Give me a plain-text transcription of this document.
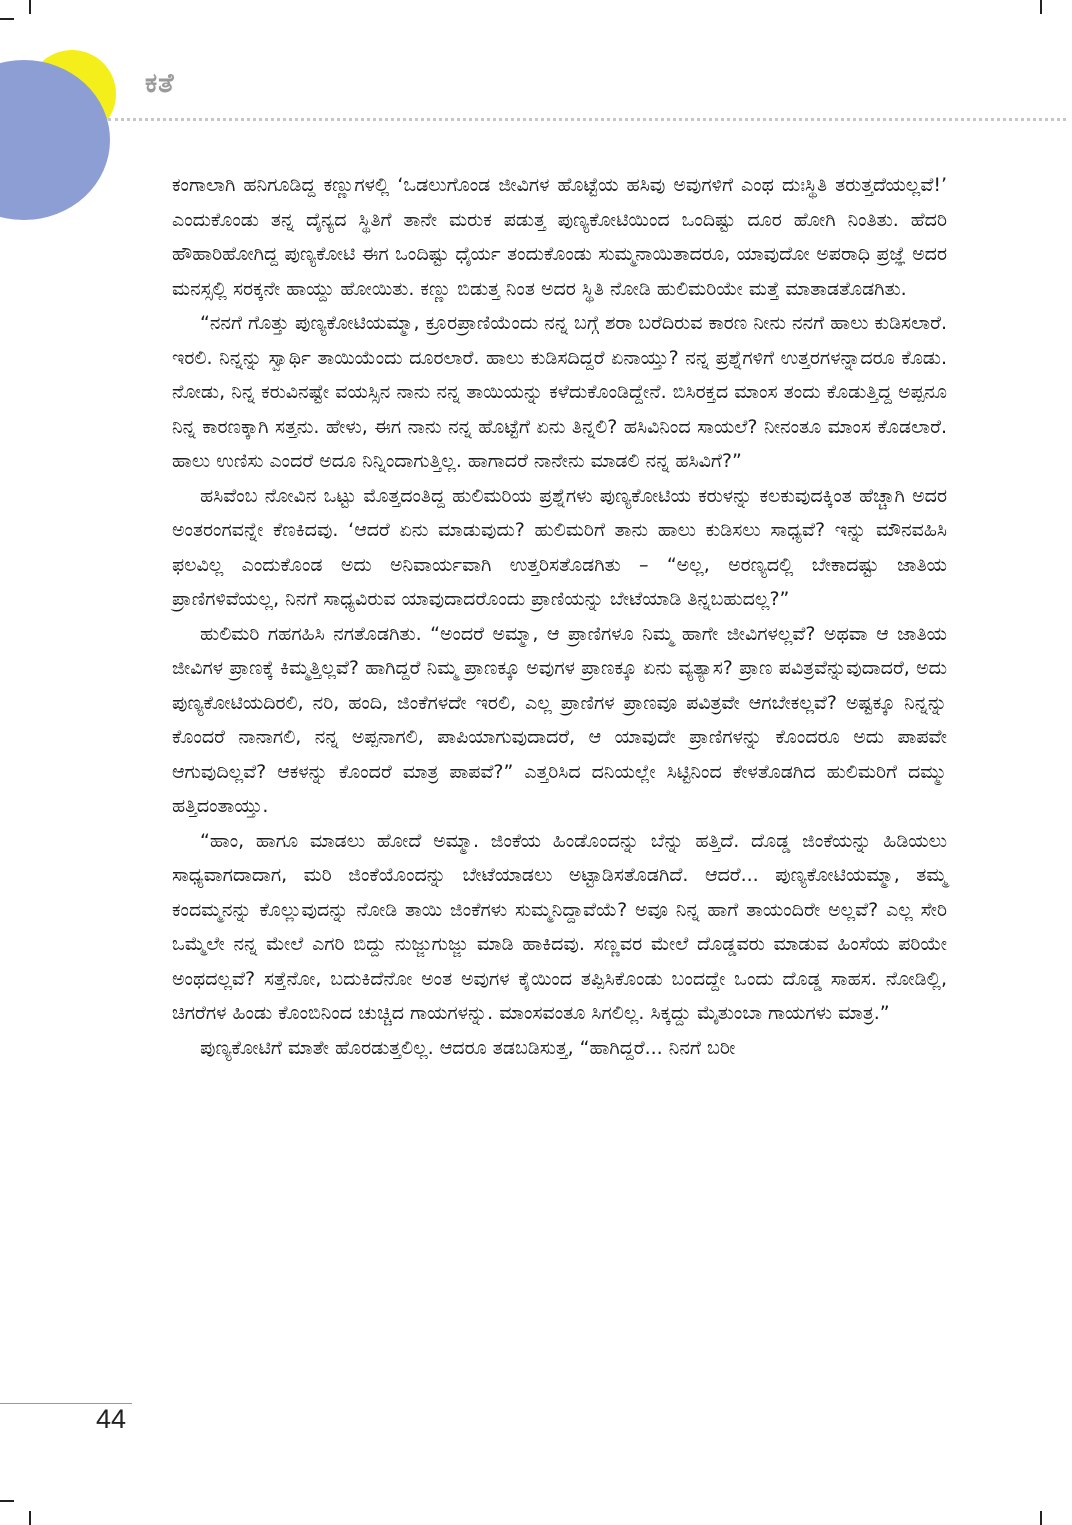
ಕತೆ

ಕಂಗಾಲಾಗಿ ಹನಿಗೂಡಿದ್ದ ಕಣ್ಣುಗಳಲ್ಲಿ ‘ಒಡಲುಗೊಂಡ ಜೀವಿಗಳ ಹೊಟ್ಟೆಯ ಹಸಿವು ಅವುಗಳಿಗೆ ಎಂಥ ದುಃಸ್ಥಿತಿ ತರುತ್ತದೆಯಲ್ಲವೆ!’ ಎಂದುಕೊಂಡು ತನ್ನ ದೈನ್ಯದ ಸ್ಥಿತಿಗೆ ತಾನೇ ಮರುಕ ಪಡುತ್ತ ಪುಣ್ಯಕೋಟಿಯಿಂದ ಒಂದಿಷ್ಟು ದೂರ ಹೋಗಿ ನಿಂತಿತು. ಹೆದರಿ ಹೌಹಾರಿಹೋಗಿದ್ದ ಪುಣ್ಯಕೋಟಿ ಈಗ ಒಂದಿಷ್ಟು ಧೈರ್ಯ ತಂದುಕೊಂಡು ಸುಮ್ಮನಾಯಿತಾದರೂ, ಯಾವುದೋ ಅಪರಾಧಿ ಪ್ರಜ್ಞೆ ಅದರ ಮನಸ್ಸಲ್ಲಿ ಸರಕ್ಕನೇ ಹಾಯ್ದು ಹೋಯಿತು. ಕಣ್ಣು ಬಿಡುತ್ತ ನಿಂತ ಅದರ ಸ್ಥಿತಿ ನೋಡಿ ಹುಲಿಮರಿಯೇ ಮತ್ತೆ ಮಾತಾಡತೊಡಗಿತು.

“ನನಗೆ ಗೊತ್ತು ಪುಣ್ಯಕೋಟಿಯಮ್ಮಾ, ಕ್ರೂರಪ್ರಾಣಿಯೆಂದು ನನ್ನ ಬಗ್ಗೆ ಶರಾ ಬರೆದಿರುವ ಕಾರಣ ನೀನು ನನಗೆ ಹಾಲು ಕುಡಿಸಲಾರೆ. ಇರಲಿ. ನಿನ್ನನ್ನು ಸ್ವಾರ್ಥಿ ತಾಯಿಯೆಂದು ದೂರಲಾರೆ. ಹಾಲು ಕುಡಿಸದಿದ್ದರೆ ಏನಾಯ್ತು? ನನ್ನ ಪ್ರಶ್ನೆಗಳಿಗೆ ಉತ್ತರಗಳನ್ನಾದರೂ ಕೊಡು. ನೋಡು, ನಿನ್ನ ಕರುವಿನಷ್ಟೇ ವಯಸ್ಸಿನ ನಾನು ನನ್ನ ತಾಯಿಯನ್ನು ಕಳೆದುಕೊಂಡಿದ್ದೇನೆ. ಬಿಸಿರಕ್ತದ ಮಾಂಸ ತಂದು ಕೊಡುತ್ತಿದ್ದ ಅಪ್ಪನೂ ನಿನ್ನ ಕಾರಣಕ್ಕಾಗಿ ಸತ್ತನು. ಹೇಳು, ಈಗ ನಾನು ನನ್ನ ಹೊಟ್ಟೆಗೆ ಏನು ತಿನ್ನಲಿ? ಹಸಿವಿನಿಂದ ಸಾಯಲೆ? ನೀನಂತೂ ಮಾಂಸ ಕೊಡಲಾರೆ. ಹಾಲು ಉಣಿಸು ಎಂದರೆ ಅದೂ ನಿನ್ನಿಂದಾಗುತ್ತಿಲ್ಲ. ಹಾಗಾದರೆ ನಾನೇನು ಮಾಡಲಿ ನನ್ನ ಹಸಿವಿಗೆ?”

ಹಸಿವೆಂಬ ನೋವಿನ ಒಟ್ಟು ಮೊತ್ತದಂತಿದ್ದ ಹುಲಿಮರಿಯ ಪ್ರಶ್ನೆಗಳು ಪುಣ್ಯಕೋಟಿಯ ಕರುಳನ್ನು ಕಲಕುವುದಕ್ಕಿಂತ ಹೆಚ್ಚಾಗಿ ಅದರ ಅಂತರಂಗವನ್ನೇ ಕೆಣಕಿದವು. ‘ಆದರೆ ಏನು ಮಾಡುವುದು? ಹುಲಿಮರಿಗೆ ತಾನು ಹಾಲು ಕುಡಿಸಲು ಸಾಧ್ಯವೆ? ಇನ್ನು ಮೌನವಹಿಸಿ ಫಲವಿಲ್ಲ ಎಂದುಕೊಂಡ ಅದು ಅನಿವಾರ್ಯವಾಗಿ ಉತ್ತರಿಸತೊಡಗಿತು – “ಅಲ್ಲ, ಅರಣ್ಯದಲ್ಲಿ ಬೇಕಾದಷ್ಟು ಜಾತಿಯ ಪ್ರಾಣಿಗಳಿವೆಯಲ್ಲ, ನಿನಗೆ ಸಾಧ್ಯವಿರುವ ಯಾವುದಾದರೊಂದು ಪ್ರಾಣಿಯನ್ನು ಬೇಟೆಯಾಡಿ ತಿನ್ನಬಹುದಲ್ಲ?”

ಹುಲಿಮರಿ ಗಹಗಹಿಸಿ ನಗತೊಡಗಿತು. “ಅಂದರೆ ಅಮ್ಮಾ, ಆ ಪ್ರಾಣಿಗಳೂ ನಿಮ್ಮ ಹಾಗೇ ಜೀವಿಗಳಲ್ಲವೆ? ಅಥವಾ ಆ ಜಾತಿಯ ಜೀವಿಗಳ ಪ್ರಾಣಕ್ಕೆ ಕಿಮ್ಮತ್ತಿಲ್ಲವೆ? ಹಾಗಿದ್ದರೆ ನಿಮ್ಮ ಪ್ರಾಣಕ್ಕೂ ಅವುಗಳ ಪ್ರಾಣಕ್ಕೂ ಏನು ವ್ಯತ್ಯಾಸ? ಪ್ರಾಣ ಪವಿತ್ರವೆನ್ನುವುದಾದರೆ, ಅದು ಪುಣ್ಯಕೋಟಿಯದಿರಲಿ, ನರಿ, ಹಂದಿ, ಜಿಂಕೆಗಳದೇ ಇರಲಿ, ಎಲ್ಲ ಪ್ರಾಣಿಗಳ ಪ್ರಾಣವೂ ಪವಿತ್ರವೇ ಆಗಬೇಕಲ್ಲವೆ? ಅಷ್ಟಕ್ಕೂ ನಿನ್ನನ್ನು ಕೊಂದರೆ ನಾನಾಗಲಿ, ನನ್ನ ಅಪ್ಪನಾಗಲಿ, ಪಾಪಿಯಾಗುವುದಾದರೆ, ಆ ಯಾವುದೇ ಪ್ರಾಣಿಗಳನ್ನು ಕೊಂದರೂ ಅದು ಪಾಪವೇ ಆಗುವುದಿಲ್ಲವೆ? ಆಕಳನ್ನು ಕೊಂದರೆ ಮಾತ್ರ ಪಾಪವೆ?” ಎತ್ತರಿಸಿದ ದನಿಯಲ್ಲೇ ಸಿಟ್ಟಿನಿಂದ ಕೇಳತೊಡಗಿದ ಹುಲಿಮರಿಗೆ ದಮ್ಮು ಹತ್ತಿದಂತಾಯ್ತು.

“ಹಾಂ, ಹಾಗೂ ಮಾಡಲು ಹೋದೆ ಅಮ್ಮಾ. ಜಿಂಕೆಯ ಹಿಂಡೊಂದನ್ನು ಬೆನ್ನು ಹತ್ತಿದೆ. ದೊಡ್ಡ ಜಿಂಕೆಯನ್ನು ಹಿಡಿಯಲು ಸಾಧ್ಯವಾಗದಾದಾಗ, ಮರಿ ಜಿಂಕೆಯೊಂದನ್ನು ಬೇಟೆಯಾಡಲು ಅಟ್ಟಾಡಿಸತೊಡಗಿದೆ. ಆದರೆ... ಪುಣ್ಯಕೋಟಿಯಮ್ಮಾ, ತಮ್ಮ ಕಂದಮ್ಮನನ್ನು ಕೊಲ್ಲುವುದನ್ನು ನೋಡಿ ತಾಯಿ ಜಿಂಕೆಗಳು ಸುಮ್ಮನಿದ್ದಾವೆಯೆ? ಅವೂ ನಿನ್ನ ಹಾಗೆ ತಾಯಂದಿರೇ ಅಲ್ಲವೆ? ಎಲ್ಲ ಸೇರಿ ಒಮ್ಮೆಲೇ ನನ್ನ ಮೇಲೆ ಎಗರಿ ಬಿದ್ದು ನುಜ್ಜುಗುಜ್ಜು ಮಾಡಿ ಹಾಕಿದವು. ಸಣ್ಣವರ ಮೇಲೆ ದೊಡ್ಡವರು ಮಾಡುವ ಹಿಂಸೆಯ ಪರಿಯೇ ಅಂಥದಲ್ಲವೆ? ಸತ್ತೆನೋ, ಬದುಕಿದೆನೋ ಅಂತ ಅವುಗಳ ಕೈಯಿಂದ ತಪ್ಪಿಸಿಕೊಂಡು ಬಂದದ್ದೇ ಒಂದು ದೊಡ್ಡ ಸಾಹಸ. ನೋಡಿಲ್ಲಿ, ಚಿಗರೆಗಳ ಹಿಂಡು ಕೊಂಬಿನಿಂದ ಚುಚ್ಚಿದ ಗಾಯಗಳನ್ನು. ಮಾಂಸವಂತೂ ಸಿಗಲಿಲ್ಲ. ಸಿಕ್ಕದ್ದು ಮೈತುಂಬಾ ಗಾಯಗಳು ಮಾತ್ರ.”

ಪುಣ್ಯಕೋಟಿಗೆ ಮಾತೇ ಹೊರಡುತ್ತಲಿಲ್ಲ. ಆದರೂ ತಡಬಡಿಸುತ್ತ, “ಹಾಗಿದ್ದರೆ... ನಿನಗೆ ಬರೀ

44
